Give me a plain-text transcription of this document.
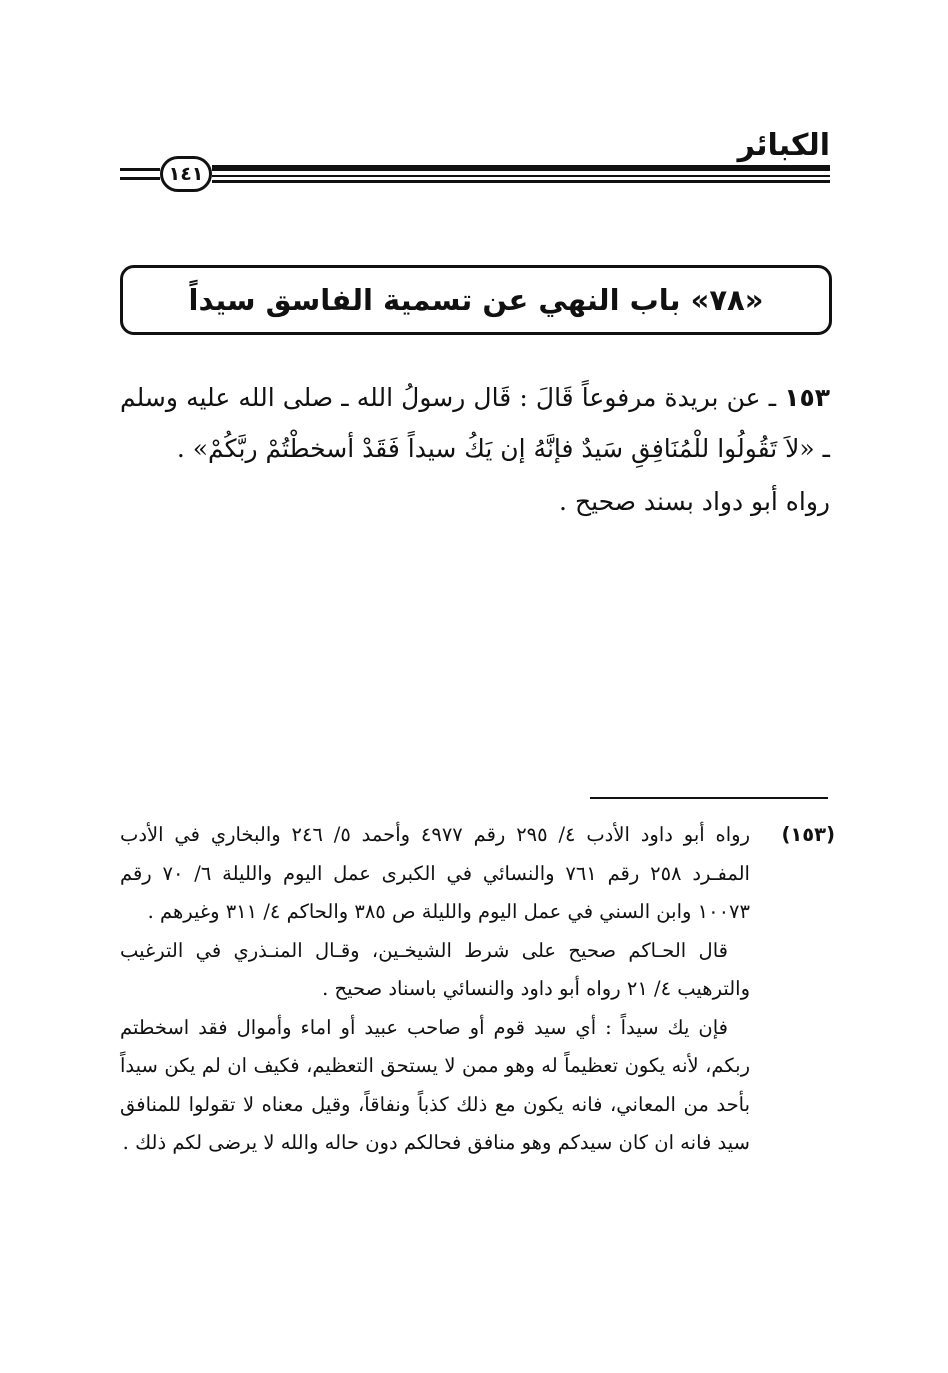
الكبائر
١٤١
«٧٨» باب النهي عن تسمية الفاسق سيداً

١٥٣ ـ عن بريدة مرفوعاً قَالَ : قَال رسولُ الله ـ صلى الله عليه وسلم ـ «لاَ تَقُولُوا للْمُنَافِقِ سَيدٌ فإنَّهُ إن يَكُ سيداً فَقَدْ أسخطْتُمْ ربَّكُمْ» .

رواه أبو دواد بسند صحيح .

(١٥٣)
رواه أبو داود الأدب ٤/ ٢٩٥ رقم ٤٩٧٧ وأحمد ٥/ ٢٤٦ والبخاري في الأدب المفـرد ٢٥٨ رقم ٧٦١ والنسائي في الكبرى عمل اليوم والليلة ٦/ ٧٠ رقم ١٠٠٧٣ وابن السني في عمل اليوم والليلة ص ٣٨٥ والحاكم ٤/ ٣١١ وغيرهم .

قال الحـاكم صحيح على شرط الشيخـين، وقـال المنـذري في الترغيب والترهيب ٤/ ٢١ رواه أبو داود والنسائي باسناد صحيح .

فإن يك سيداً : أي سيد قوم أو صاحب عبيد أو اماء وأموال فقد اسخطتم ربكم، لأنه يكون تعظيماً له وهو ممن لا يستحق التعظيم، فكيف ان لم يكن سيداً بأحد من المعاني، فانه يكون مع ذلك كذباً ونفاقاً، وقيل معناه لا تقولوا للمنافق سيد فانه ان كان سيدكم وهو منافق فحالكم دون حاله والله لا يرضى لكم ذلك .
